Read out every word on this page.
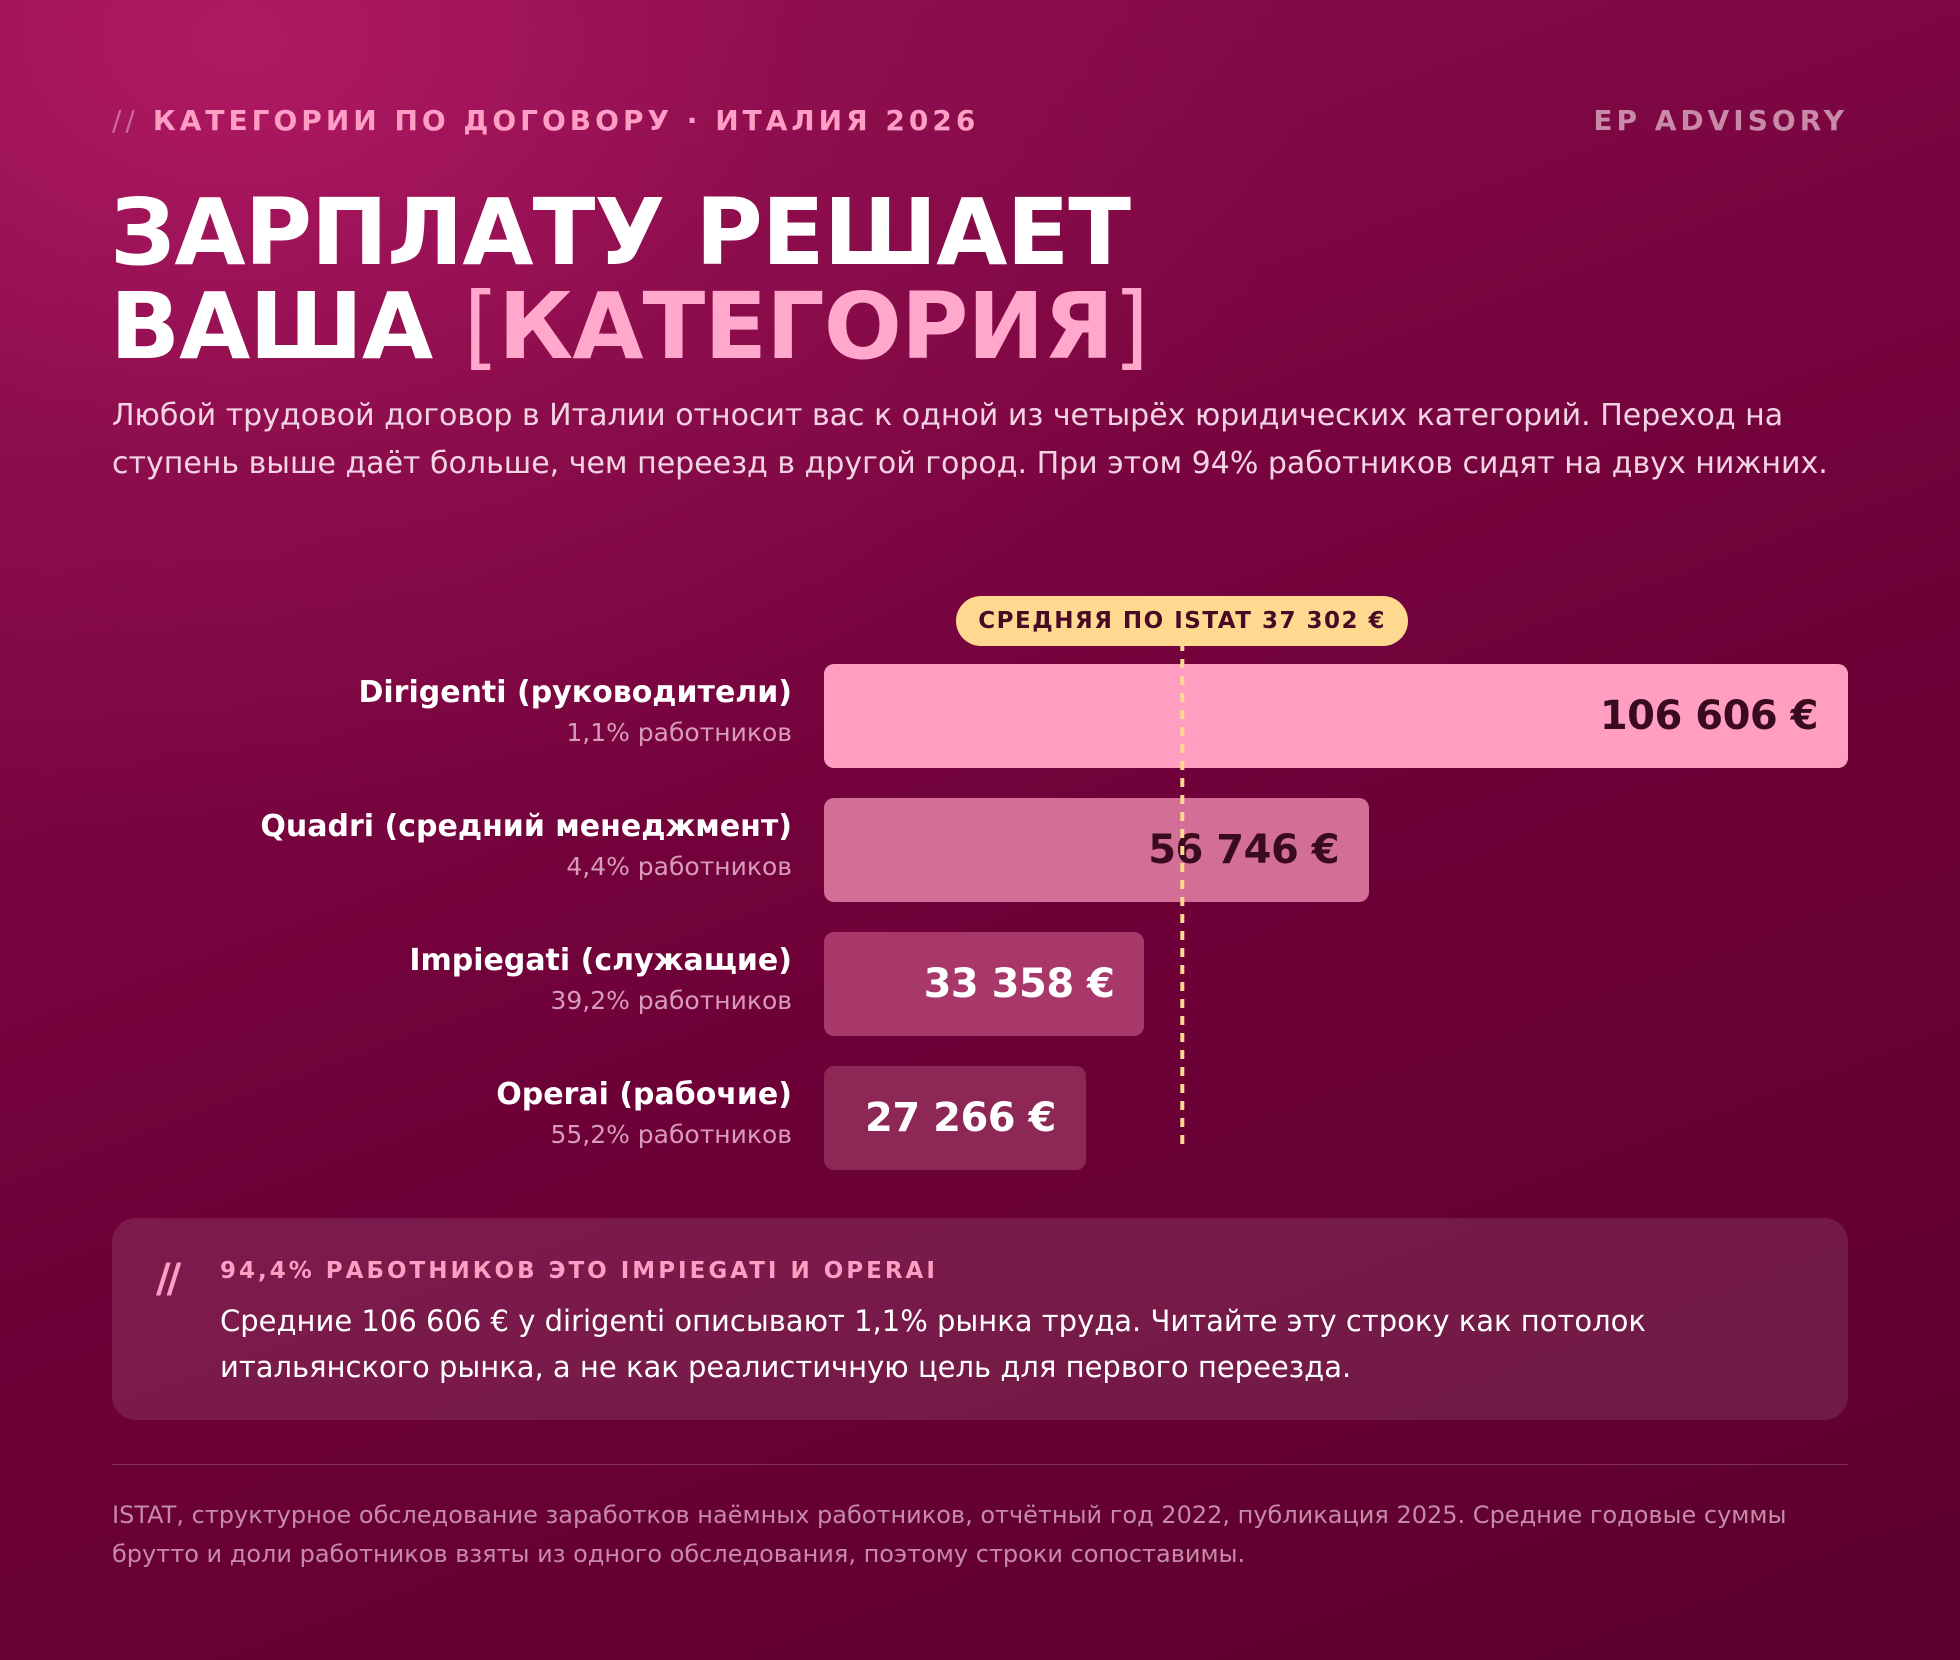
// КАТЕГОРИИ ПО ДОГОВОРУ · ИТАЛИЯ 2026	EP ADVISORY
ЗАРПЛАТУ РЕШАЕТ
ВАША [КАТЕГОРИЯ]

Любой трудовой договор в Италии относит вас к одной из четырёх юридических категорий. Переход на ступень выше даёт больше, чем переезд в другой город. При этом 94% работников сидят на двух нижних.

Dirigenti (руководители)
1,1% работников	106 606 €
Quadri (средний менеджмент)
4,4% работников	56 746 €
Impiegati (служащие)
39,2% работников	33 358 €
Operai (рабочие)
55,2% работников 27 266 €
СРЕДНЯЯ ПО ISTAT 37 302 €
// 94,4% РАБОТНИКОВ ЭТО IMPIEGATI И OPERAI

Средние 106 606 € у dirigenti описывают 1,1% рынка труда. Читайте эту строку как потолок итальянского рынка, а не как реалистичную цель для первого переезда.

ISTAT, структурное обследование заработков наёмных работников, отчётный год 2022, публикация 2025. Средние годовые суммы брутто и доли работников взяты из одного обследования, поэтому строки сопоставимы.
